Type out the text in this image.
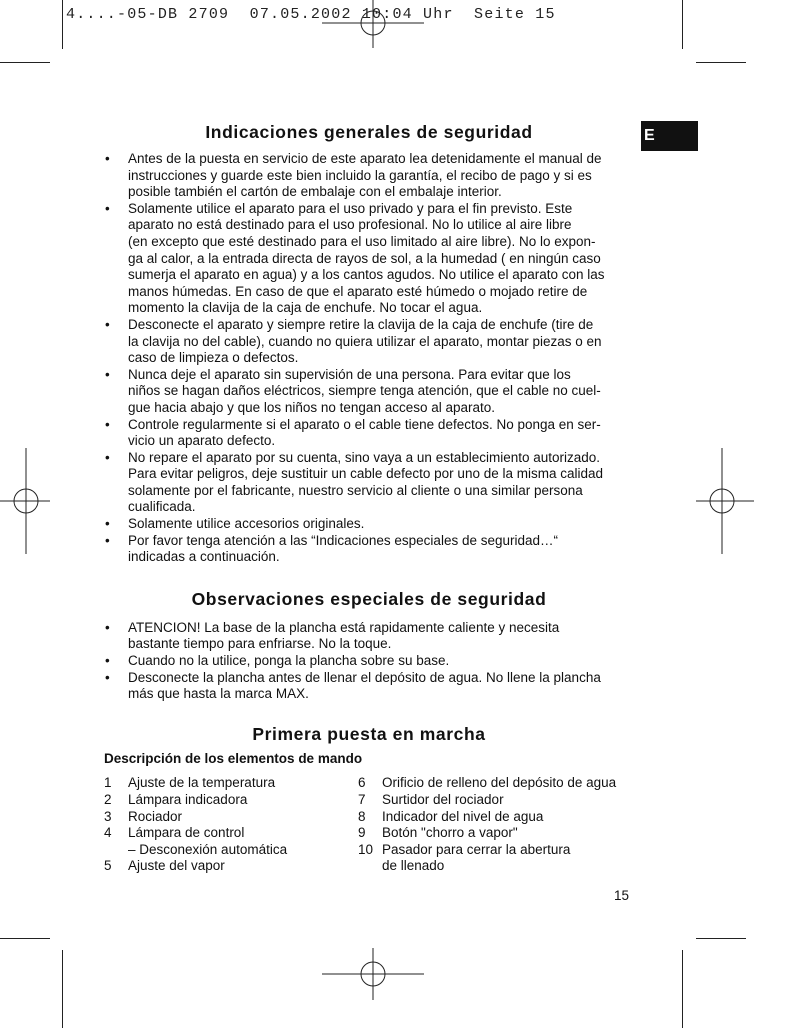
4....-05-DB 2709  07.05.2002 10:04 Uhr  Seite 15
E
Indicaciones generales de seguridad
• Antes de la puesta en servicio de este aparato lea detenidamente el manual de
instrucciones y guarde este bien incluido la garantía, el recibo de pago y si es
posible también el cartón de embalaje con el embalaje interior.
• Solamente utilice el aparato para el uso privado y para el fin previsto. Este
aparato no está destinado para el uso profesional. No lo utilice al aire libre
(en excepto que esté destinado para el uso limitado al aire libre). No lo expon-
ga al calor, a la entrada directa de rayos de sol, a la humedad ( en ningún caso
sumerja el aparato en agua) y a los cantos agudos. No utilice el aparato con las
manos húmedas. En caso de que el aparato esté húmedo o mojado retire de
momento la clavija de la caja de enchufe. No tocar el agua.
• Desconecte el aparato y siempre retire la clavija de la caja de enchufe (tire de
la clavija no del cable), cuando no quiera utilizar el aparato, montar piezas o en
caso de limpieza o defectos.
• Nunca deje el aparato sin supervisión de una persona. Para evitar que los
niños se hagan daños eléctricos, siempre tenga atención, que el cable no cuel-
gue hacia abajo y que los niños no tengan acceso al aparato.
• Controle regularmente si el aparato o el cable tiene defectos. No ponga en ser-
vicio un aparato defecto.
• No repare el aparato por su cuenta, sino vaya a un establecimiento autorizado.
Para evitar peligros, deje sustituir un cable defecto por uno de la misma calidad
solamente por el fabricante, nuestro servicio al cliente o una similar persona
cualificada.
• Solamente utilice accesorios originales.
• Por favor tenga atención a las “Indicaciones especiales de seguridad…“
indicadas a continuación.
Observaciones especiales de seguridad
• ATENCION! La base de la plancha está rapidamente caliente y necesita
bastante tiempo para enfriarse. No la toque.
• Cuando no la utilice, ponga la plancha sobre su base.
• Desconecte la plancha antes de llenar el depósito de agua. No llene la plancha
más que hasta la marca MAX.
Primera puesta en marcha
Descripción de los elementos de mando
1	Ajuste de la temperatura
2	Lámpara indicadora
3	Rociador
4	Lámpara de control
– Desconexión automática
5	Ajuste del vapor
6	Orificio de relleno del depósito de agua
7	Surtidor del rociador
8	Indicador del nivel de agua
9	Botón "chorro a vapor"
10 Pasador para cerrar la abertura
de llenado
15
